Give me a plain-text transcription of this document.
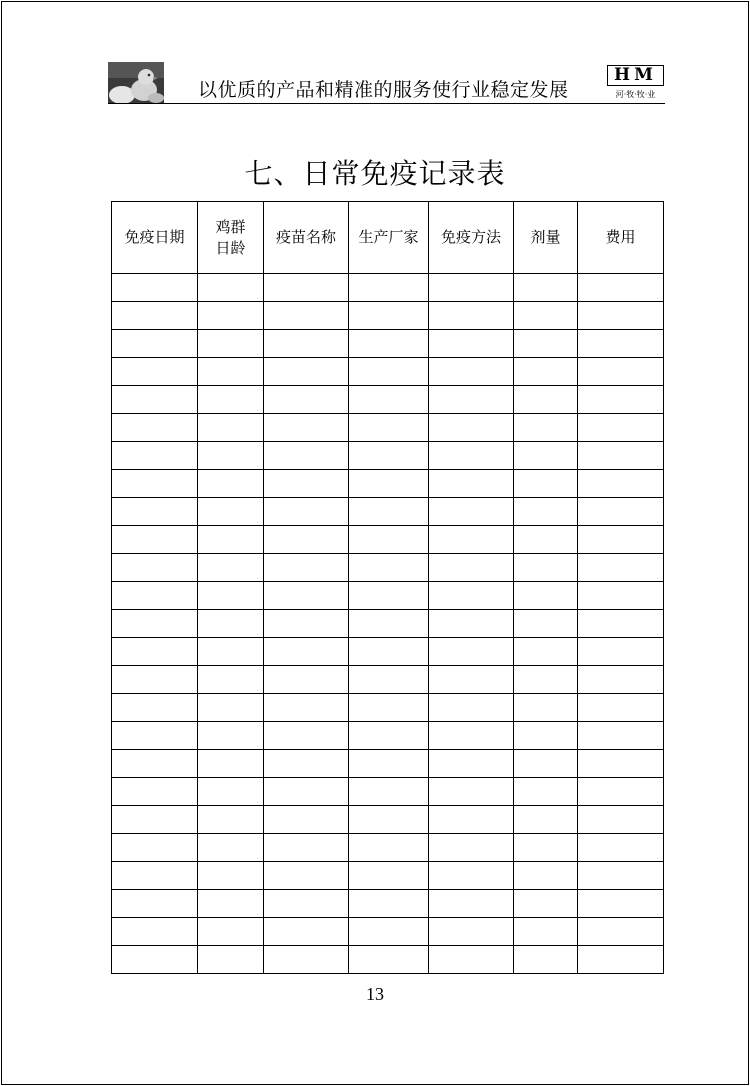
以优质的产品和精准的服务使行业稳定发展
HM
河·牧·牧·业
七、日常免疫记录表
免疫日期	鸡群日龄	疫苗名称	生产厂家	免疫方法	剂量	费用

13
